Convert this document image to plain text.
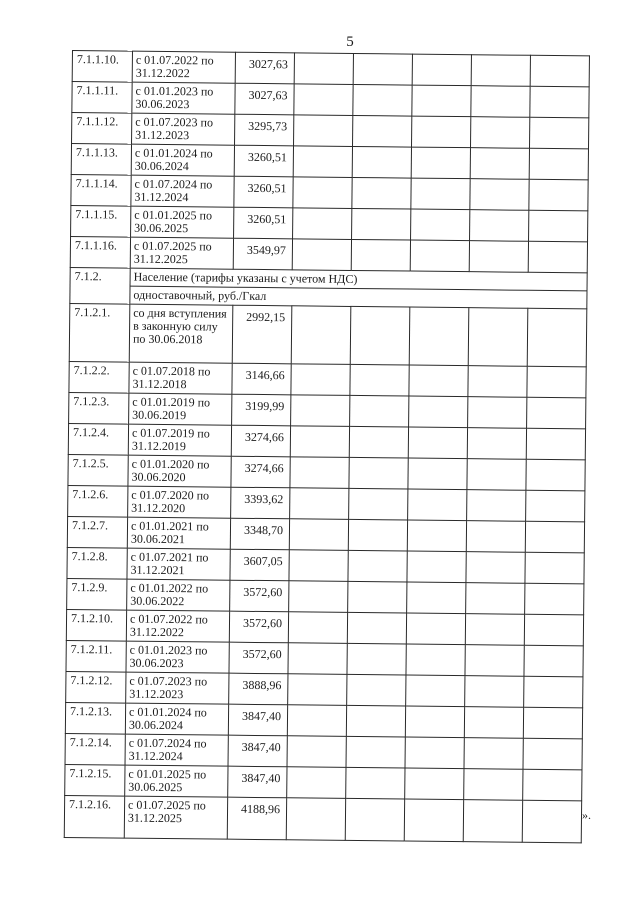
5
7.1.1.10.	с 01.07.2022 по 31.12.2022	3027,63					
7.1.1.11.	с 01.01.2023 по 30.06.2023	3027,63					
7.1.1.12.	с 01.07.2023 по 31.12.2023	3295,73					
7.1.1.13.	с 01.01.2024 по 30.06.2024	3260,51					
7.1.1.14.	с 01.07.2024 по 31.12.2024	3260,51					
7.1.1.15.	с 01.01.2025 по 30.06.2025	3260,51					
7.1.1.16.	с 01.07.2025 по 31.12.2025	3549,97					
7.1.2.	Население (тарифы указаны с учетом НДС)						
	одноставочный, руб./Гкал						
7.1.2.1.	со дня вступления в законную силу по 30.06.2018	2992,15					
7.1.2.2.	с 01.07.2018 по 31.12.2018	3146,66					
7.1.2.3.	с 01.01.2019 по 30.06.2019	3199,99					
7.1.2.4.	с 01.07.2019 по 31.12.2019	3274,66					
7.1.2.5.	с 01.01.2020 по 30.06.2020	3274,66					
7.1.2.6.	с 01.07.2020 по 31.12.2020	3393,62					
7.1.2.7.	с 01.01.2021 по 30.06.2021	3348,70					
7.1.2.8.	с 01.07.2021 по 31.12.2021	3607,05					
7.1.2.9.	с 01.01.2022 по 30.06.2022	3572,60					
7.1.2.10.	с 01.07.2022 по 31.12.2022	3572,60					
7.1.2.11.	с 01.01.2023 по 30.06.2023	3572,60					
7.1.2.12.	с 01.07.2023 по 31.12.2023	3888,96					
7.1.2.13.	с 01.01.2024 по 30.06.2024	3847,40					
7.1.2.14.	с 01.07.2024 по 31.12.2024	3847,40					
7.1.2.15.	с 01.01.2025 по 30.06.2025	3847,40					
7.1.2.16.	с 01.07.2025 по 31.12.2025	4188,96						».
